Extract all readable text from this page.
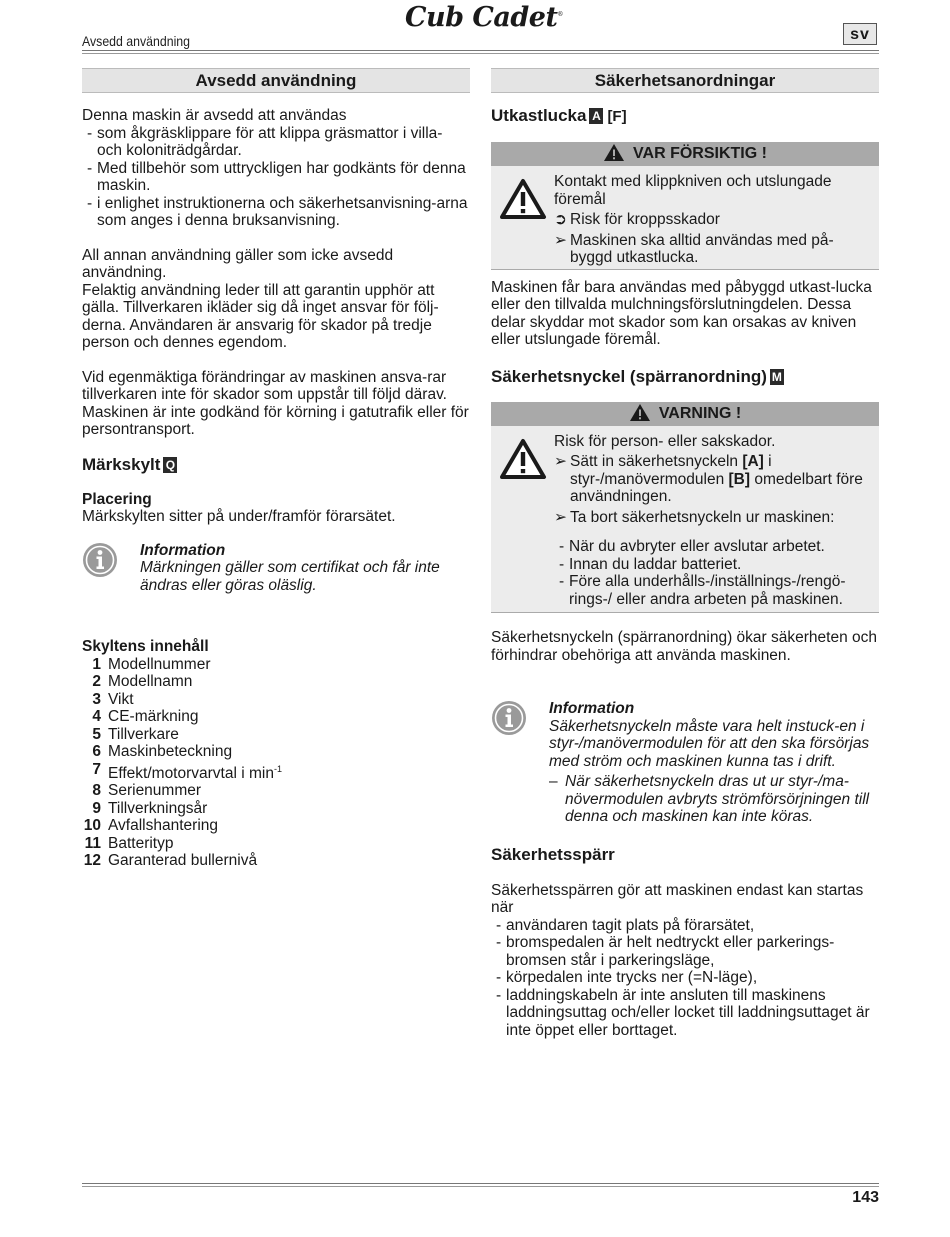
Cub Cadet®
Avsedd användning	sv
Avsedd användning

Denna maskin är avsedd att användas

- som åkgräsklippare för att klippa gräsmattor i villa- och koloniträdgårdar.
- Med tillbehör som uttryckligen har godkänts för denna maskin.
- i enlighet instruktionerna och säkerhetsanvisning-arna som anges i denna bruksanvisning.

All annan användning gäller som icke avsedd användning.

Felaktig användning leder till att garantin upphör att gälla. Tillverkaren ikläder sig då inget ansvar för följ-derna. Användaren är ansvarig för skador på tredje person och dennes egendom.

Vid egenmäktiga förändringar av maskinen ansva-rar tillverkaren inte för skador som uppstår till följd därav.

Maskinen är inte godkänd för körning i gatutrafik eller för persontransport.

Märkskylt Q
Placering

Märkskylten sitter på under/framför förarsätet.

Information
Märkningen gäller som certifikat och får inte ändras eller göras oläslig.
Skyltens innehåll
1 Modellnummer
2 Modellnamn
3 Vikt
4 CE-märkning
5 Tillverkare
6 Maskinbeteckning
7 Effekt/motorvarvtal i $\min^{-1}$
8 Serienummer
9 Tillverkningsår
10 Avfallshantering
11 Batterityp
12 Garanterad bullernivå
Säkerhetsanordningar
Utkastlucka A [F]
VAR FÖRSIKTIG !

Kontakt med klippkniven och utslungade föremål

➲ Risk för kroppsskador
➢ Maskinen ska alltid användas med på-byggd utkastlucka.

Maskinen får bara användas med påbyggd utkast-lucka eller den tillvalda mulchningsförslutningdelen. Dessa delar skyddar mot skador som kan orsakas av kniven eller utslungade föremål.

Säkerhetsnyckel (spärranordning) M
VARNING !

Risk för person- eller sakskador.

➢ Sätt in säkerhetsnyckeln [A] i styr-/manövermodulen [B] omedelbart före användningen.
➢ Ta bort säkerhetsnyckeln ur maskinen:
- När du avbryter eller avslutar arbetet.
- Innan du laddar batteriet.
- Före alla underhålls-/inställnings-/rengö-rings-/ eller andra arbeten på maskinen.

Säkerhetsnyckeln (spärranordning) ökar säkerheten och förhindrar obehöriga att använda maskinen.

Information
Säkerhetsnyckeln måste vara helt instuck-en i styr-/manövermodulen för att den ska försörjas med ström och maskinen kunna tas i drift.
– När säkerhetsnyckeln dras ut ur styr-/ma-növermodulen avbryts strömförsörjningen till denna och maskinen kan inte köras.
Säkerhetsspärr

Säkerhetsspärren gör att maskinen endast kan startas när

- användaren tagit plats på förarsätet,
- bromspedalen är helt nedtryckt eller parkerings-bromsen står i parkeringsläge,
- körpedalen inte trycks ner (=N-läge),
- laddningskabeln är inte ansluten till maskinens laddningsuttag och/eller locket till laddningsuttaget är inte öppet eller borttaget.
143
